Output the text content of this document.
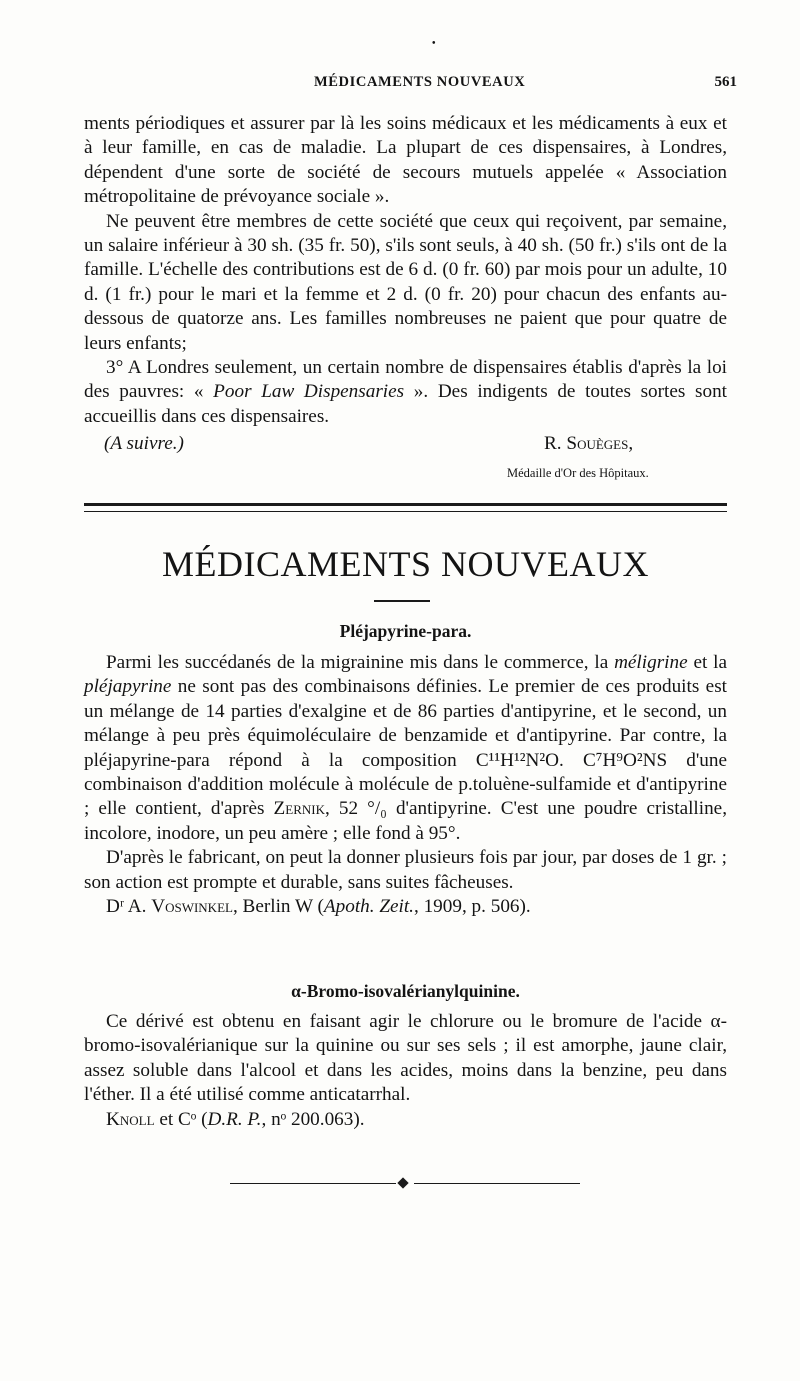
•
MÉDICAMENTS NOUVEAUX	561

ments périodiques et assurer par là les soins médicaux et les médicaments à eux et à leur famille, en cas de maladie. La plupart de ces dispensaires, à Londres, dépendent d'une sorte de société de secours mutuels appelée « Association métropolitaine de prévoyance sociale ».

Ne peuvent être membres de cette société que ceux qui reçoivent, par semaine, un salaire inférieur à 30 sh. (35 fr. 50), s'ils sont seuls, à 40 sh. (50 fr.) s'ils ont de la famille. L'échelle des contributions est de 6 d. (0 fr. 60) par mois pour un adulte, 10 d. (1 fr.) pour le mari et la femme et 2 d. (0 fr. 20) pour chacun des enfants au-dessous de quatorze ans. Les familles nombreuses ne paient que pour quatre de leurs enfants;

3° A Londres seulement, un certain nombre de dispensaires établis d'après la loi des pauvres: « Poor Law Dispensaries ». Des indigents de toutes sortes sont accueillis dans ces dispensaires.

(A suivre.)	R. Souèges,
Médaille d'Or des Hôpitaux.
MÉDICAMENTS NOUVEAUX
Pléjapyrine-para.

Parmi les succédanés de la migrainine mis dans le commerce, la méligrine et la pléjapyrine ne sont pas des combinaisons définies. Le premier de ces produits est un mélange de 14 parties d'exalgine et de 86 parties d'antipyrine, et le second, un mélange à peu près équimoléculaire de benzamide et d'antipyrine. Par contre, la pléjapyrine-para répond à la composition C¹¹H¹²N²O. C⁷H⁹O²NS d'une combinaison d'addition molécule à molécule de p.toluène-sulfamide et d'antipyrine ; elle contient, d'après Zernik, 52 °/₀ d'antipyrine. C'est une poudre cristalline, incolore, inodore, un peu amère ; elle fond à 95°.

D'après le fabricant, on peut la donner plusieurs fois par jour, par doses de 1 gr. ; son action est prompte et durable, sans suites fâcheuses.

Dʳ A. Voswinkel, Berlin W (Apoth. Zeit., 1909, p. 506).

α-Bromo-isovalérianylquinine.

Ce dérivé est obtenu en faisant agir le chlorure ou le bromure de l'acide α-bromo-isovalérianique sur la quinine ou sur ses sels ; il est amorphe, jaune clair, assez soluble dans l'alcool et dans les acides, moins dans la benzine, peu dans l'éther. Il a été utilisé comme anticatarrhal.

Knoll et Cᵒ (D.R. P., nᵒ 200.063).
